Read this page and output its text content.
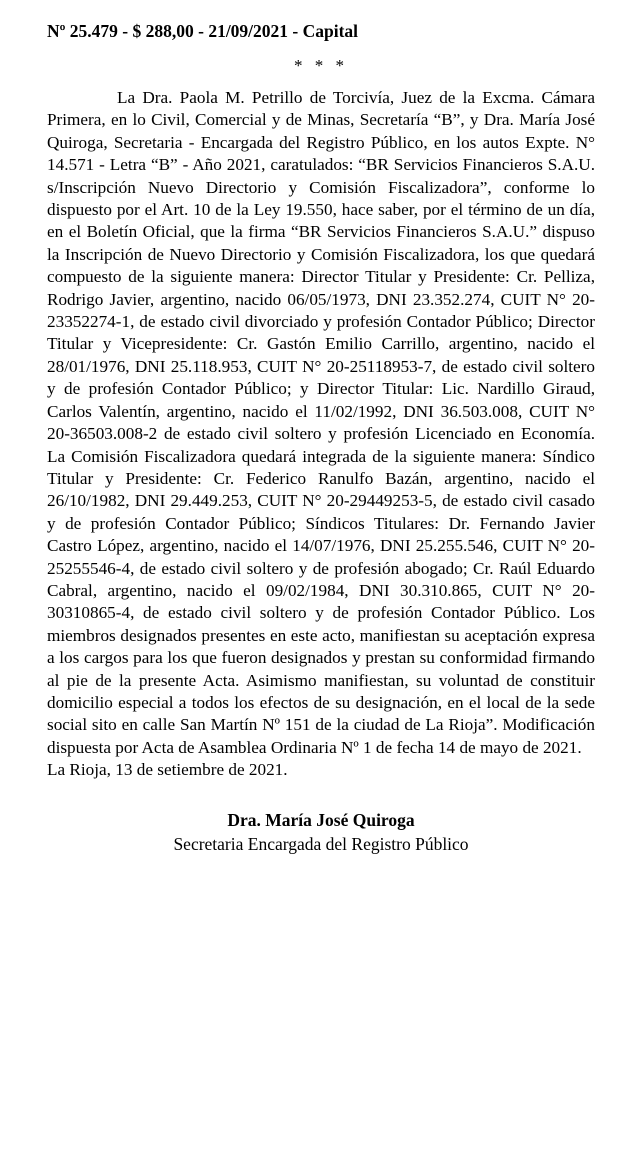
Nº 25.479 - $ 288,00 - 21/09/2021 - Capital
* * *

La Dra. Paola M. Petrillo de Torcivía, Juez de la Excma. Cámara Primera, en lo Civil, Comercial y de Minas, Secretaría “B”, y Dra. María José Quiroga, Secretaria - Encargada del Registro Público, en los autos Expte. N° 14.571 - Letra “B” - Año 2021, caratulados: “BR Servicios Financieros S.A.U. s/Inscripción Nuevo Directorio y Comisión Fiscalizadora”, conforme lo dispuesto por el Art. 10 de la Ley 19.550, hace saber, por el término de un día, en el Boletín Oficial, que la firma “BR Servicios Financieros S.A.U.” dispuso la Inscripción de Nuevo Directorio y Comisión Fiscalizadora, los que quedará compuesto de la siguiente manera: Director Titular y Presidente: Cr. Pelliza, Rodrigo Javier, argentino, nacido 06/05/1973, DNI 23.352.274, CUIT N° 20-23352274-1, de estado civil divorciado y profesión Contador Público; Director Titular y Vicepresidente: Cr. Gastón Emilio Carrillo, argentino, nacido el 28/01/1976, DNI 25.118.953, CUIT N° 20-25118953-7, de estado civil soltero y de profesión Contador Público; y Director Titular: Lic. Nardillo Giraud, Carlos Valentín, argentino, nacido el 11/02/1992, DNI 36.503.008, CUIT N° 20-36503.008-2 de estado civil soltero y profesión Licenciado en Economía. La Comisión Fiscalizadora quedará integrada de la siguiente manera: Síndico Titular y Presidente: Cr. Federico Ranulfo Bazán, argentino, nacido el 26/10/1982, DNI 29.449.253, CUIT N° 20-29449253-5, de estado civil casado y de profesión Contador Público; Síndicos Titulares: Dr. Fernando Javier Castro López, argentino, nacido el 14/07/1976, DNI 25.255.546, CUIT N° 20-25255546-4, de estado civil soltero y de profesión abogado; Cr. Raúl Eduardo Cabral, argentino, nacido el 09/02/1984, DNI 30.310.865, CUIT N° 20-30310865-4, de estado civil soltero y de profesión Contador Público. Los miembros designados presentes en este acto, manifiestan su aceptación expresa a los cargos para los que fueron designados y prestan su conformidad firmando al pie de la presente Acta. Asimismo manifiestan, su voluntad de constituir domicilio especial a todos los efectos de su designación, en el local de la sede social sito en calle San Martín Nº 151 de la ciudad de La Rioja”. Modificación dispuesta por Acta de Asamblea Ordinaria Nº 1 de fecha 14 de mayo de 2021.

La Rioja, 13 de setiembre de 2021.
Dra. María José Quiroga
Secretaria Encargada del Registro Público
